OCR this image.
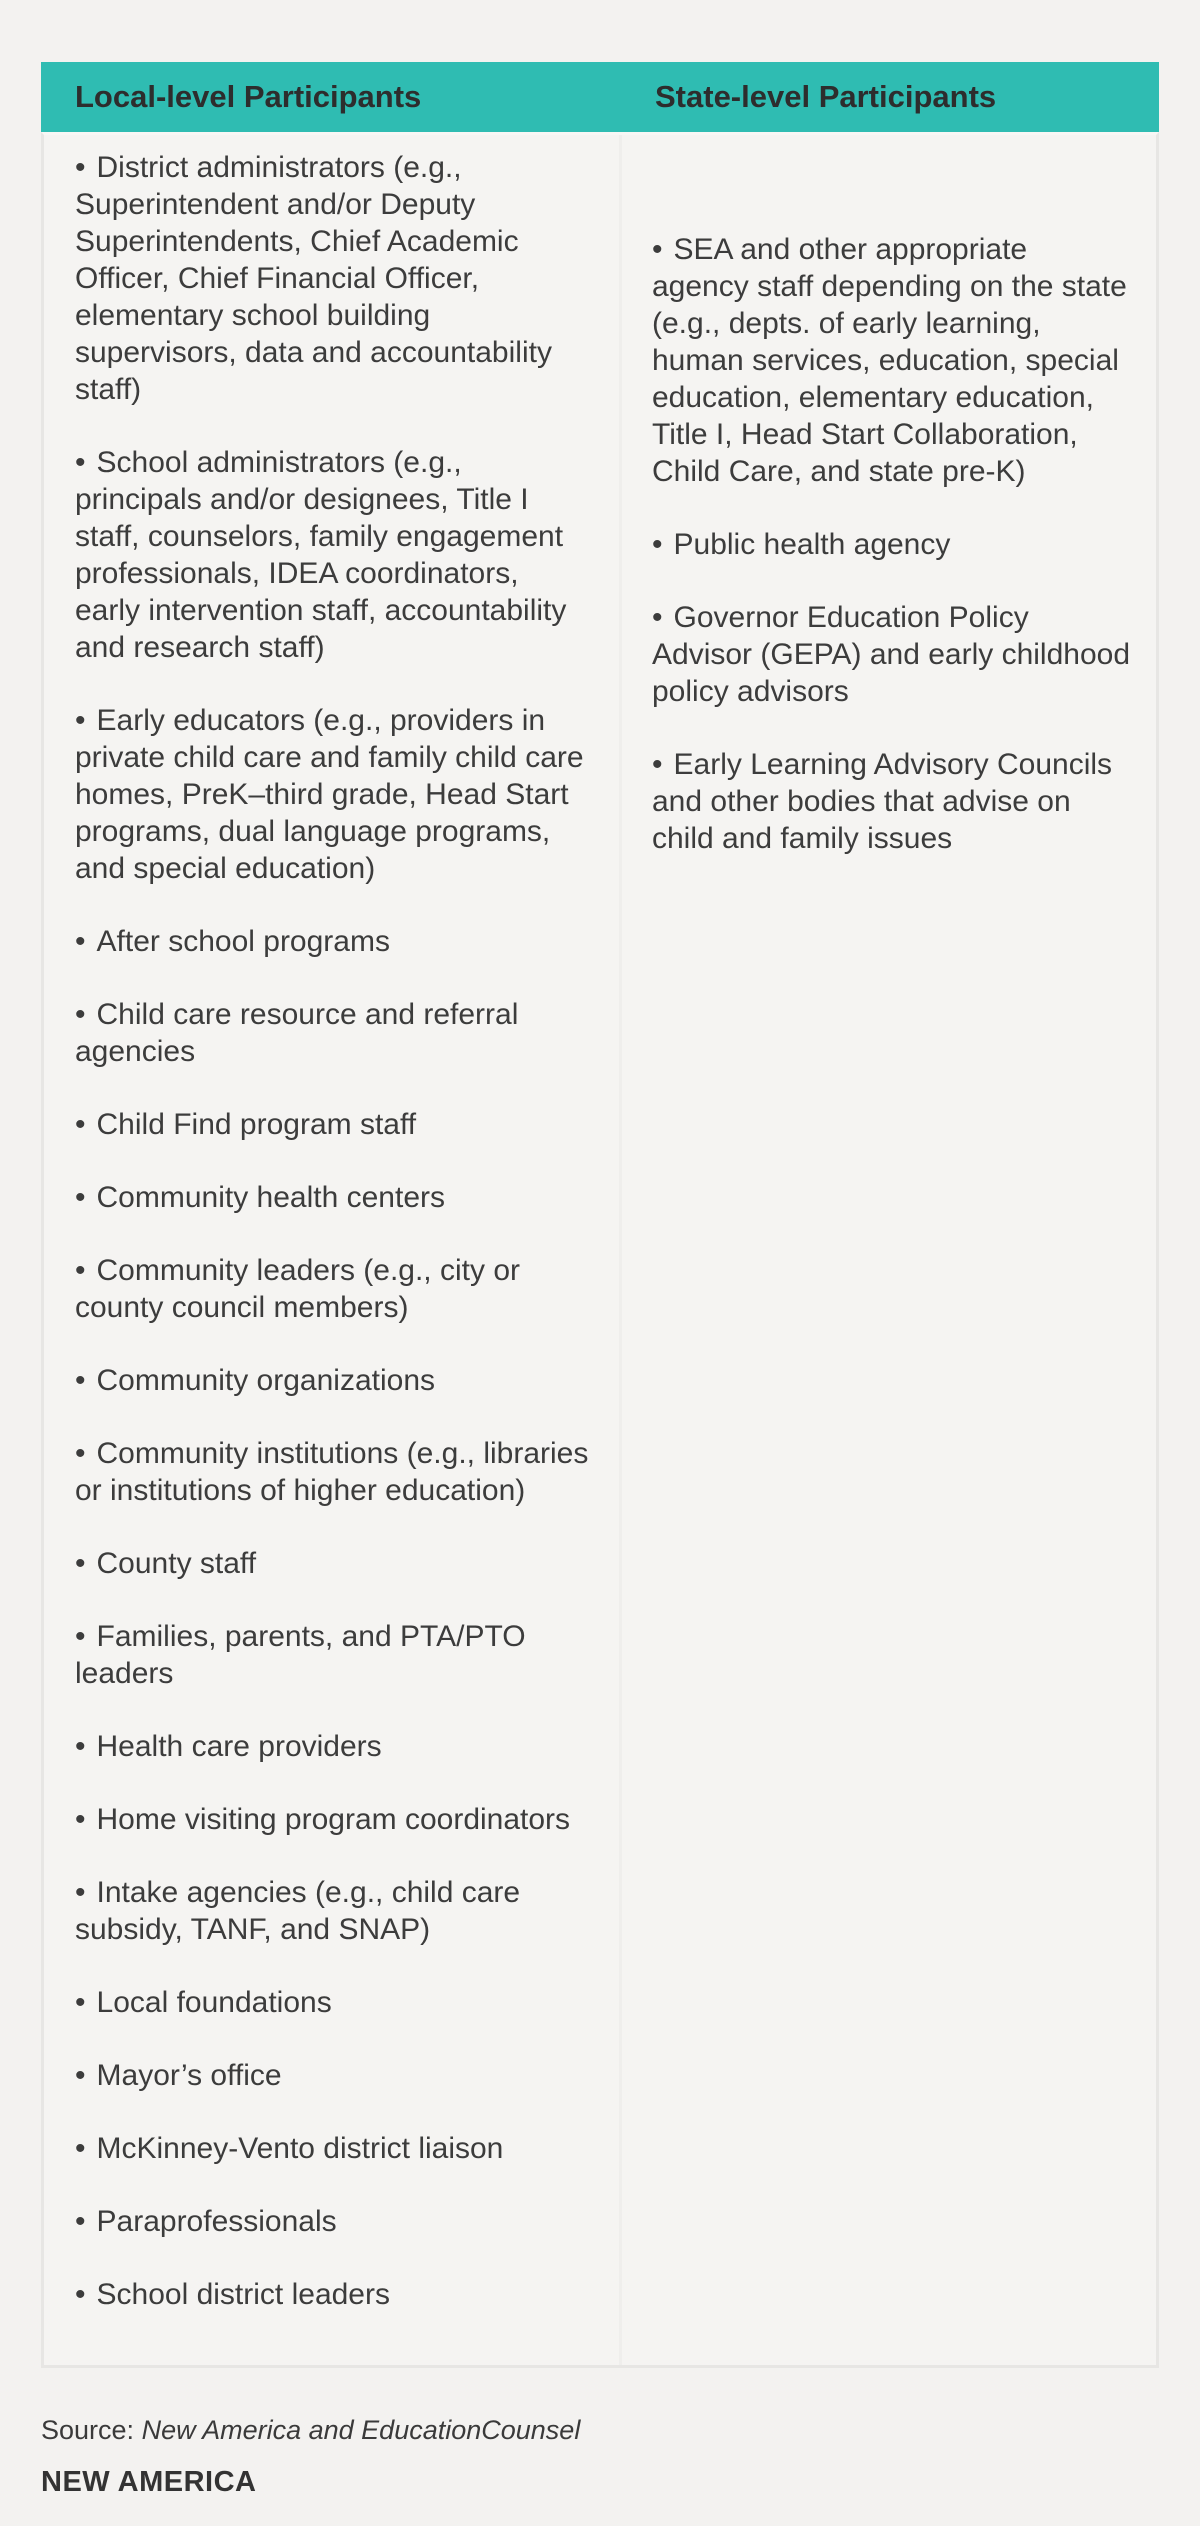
Local-level Participants	State-level Participants

• District administrators (e.g., Superintendent and/or Deputy Superintendents, Chief Academic Officer, Chief Financial Officer, elementary school building supervisors, data and accountability staff)

• School administrators (e.g., principals and/or designees, Title I staff, counselors, family engagement professionals, IDEA coordinators, early intervention staff, accountability and research staff)

• Early educators (e.g., providers in private child care and family child care homes, PreK–third grade, Head Start programs, dual language programs, and special education)

• After school programs

• Child care resource and referral agencies

• Child Find program staff

• Community health centers

• Community leaders (e.g., city or county council members)

• Community organizations

• Community institutions (e.g., libraries or institutions of higher education)

• County staff

• Families, parents, and PTA/PTO leaders

• Health care providers

• Home visiting program coordinators

• Intake agencies (e.g., child care subsidy, TANF, and SNAP)

• Local foundations

• Mayor’s office

• McKinney-Vento district liaison

• Paraprofessionals

• School district leaders

• SEA and other appropriate agency staff depending on the state (e.g., depts. of early learning, human services, education, special education, elementary education, Title I, Head Start Collaboration, Child Care, and state pre-K)

• Public health agency

• Governor Education Policy Advisor (GEPA) and early childhood policy advisors

• Early Learning Advisory Councils and other bodies that advise on child and family issues

Source: New America and EducationCounsel

NEW AMERICA
